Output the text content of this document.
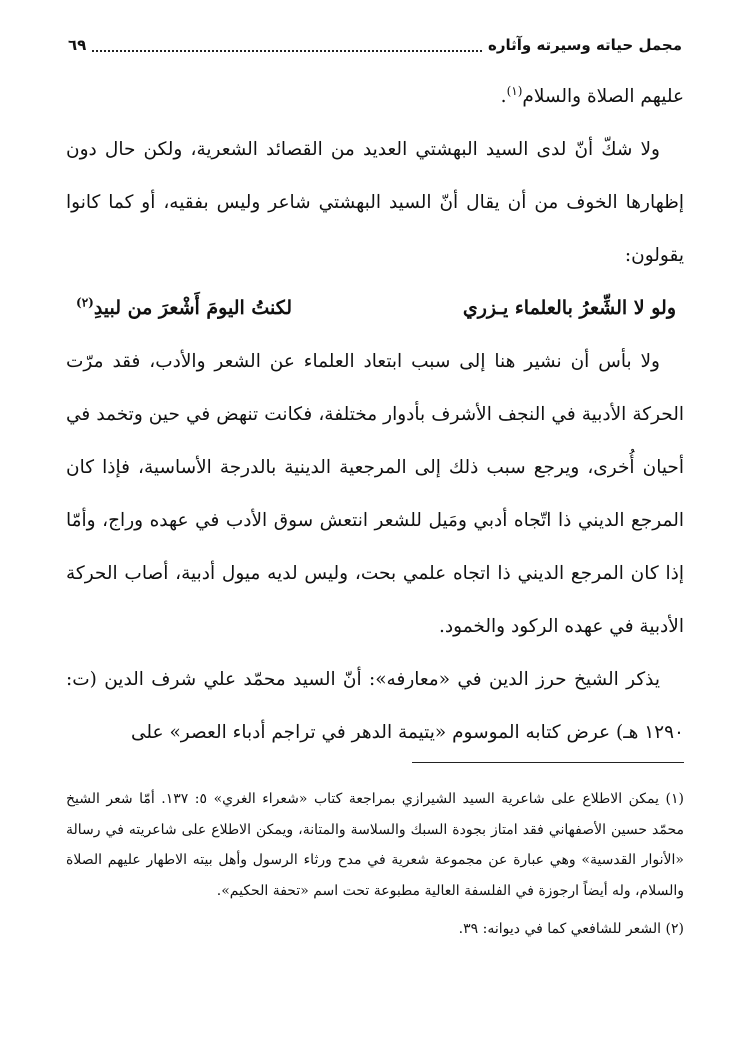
مجمل حياته وسيرته وآثاره
٦٩

عليهم الصلاة والسلام$^{(١)}$.

ولا شكّ أنّ لدى السيد البهشتي العديد من القصائد الشعرية، ولكن حال دون إظهارها الخوف من أن يقال أنّ السيد البهشتي شاعر وليس بفقيه، أو كما كانوا يقولون:

ولو لا الشِّعرُ بالعلماء يـزري
لكنتُ اليومَ أَشْعرَ من لبيدِ$^{(٢)}$

ولا بأس أن نشير هنا إلى سبب ابتعاد العلماء عن الشعر والأدب، فقد مرّت الحركة الأدبية في النجف الأشرف بأدوار مختلفة، فكانت تنهض في حين وتخمد في أحيان أُخرى، ويرجع سبب ذلك إلى المرجعية الدينية بالدرجة الأساسية، فإذا كان المرجع الديني ذا اتّجاه أدبي ومَيل للشعر انتعش سوق الأدب في عهده وراج، وأمّا إذا كان المرجع الديني ذا اتجاه علمي بحت، وليس لديه ميول أدبية، أصاب الحركة الأدبية في عهده الركود والخمود.

يذكر الشيخ حرز الدين في «معارفه»: أنّ السيد محمّد علي شرف الدين (ت: ١٢٩٠ هـ) عرض كتابه الموسوم «يتيمة الدهر في تراجم أدباء العصر» على

(١) يمكن الاطلاع على شاعرية السيد الشيرازي بمراجعة كتاب «شعراء الغري» ٥: ١٣٧. أمّا شعر الشيخ محمّد حسين الأصفهاني فقد امتاز بجودة السبك والسلاسة والمتانة، ويمكن الاطلاع على شاعريته في رسالة «الأنوار القدسية» وهي عبارة عن مجموعة شعرية في مدح ورثاء الرسول وأهل بيته الاطهار عليهم الصلاة والسلام، وله أيضاً ارجوزة في الفلسفة العالية مطبوعة تحت اسم «تحفة الحكيم».

(٢) الشعر للشافعي كما في ديوانه: ٣٩.
